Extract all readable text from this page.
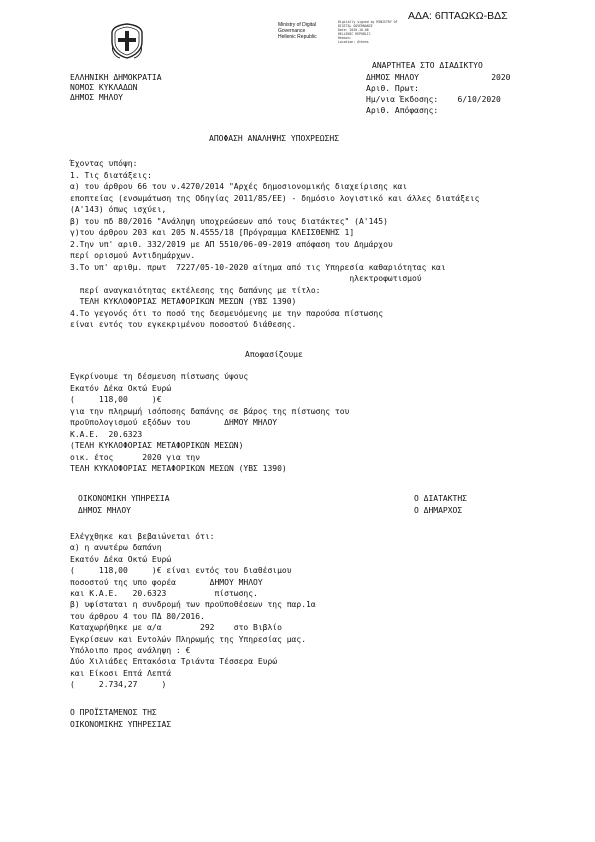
ΑΔΑ: 6ΠΤΑΩΚΩ-ΒΔΣ
Ministry of Digital
Governance
Hellenic Republic
Digitally signed by MINISTRY OF
DIGITAL GOVERNANCE
Date: 2020.10.06
HELLENIC REPUBLIC
Reason:
Location: Athens
ΑΝΑΡΤΗΤΕΑ ΣΤΟ ΔΙΑΔΙΚΤΥΟ
ΕΛΛΗΝΙΚΗ ΔΗΜΟΚΡΑΤΙΑ
ΝΟΜΟΣ ΚΥΚΛΑΔΩΝ
ΔΗΜΟΣ ΜΗΛΟΥ
ΔΗΜΟΣ ΜΗΛΟΥ               2020
Αριθ. Πρωτ:
Ημ/νια Έκδοσης:    6/10/2020
Αριθ. Απόφασης:
ΑΠΟΦΑΣΗ ΑΝΑΛΗΨΗΣ ΥΠΟΧΡΕΩΣΗΣ
Έχοντας υπόψη:
1. Τις διατάξεις:
α) του άρθρου 66 του ν.4270/2014 "Αρχές δημοσιονομικής διαχείρισης και
εποπτείας (ενσωμάτωση της Οδηγίας 2011/85/ΕΕ) - δημόσιο λογιστικό και άλλες διατάξεις
(Α'143) όπως ισχύει,
β) του πδ 80/2016 "Ανάληψη υποχρεώσεων από τους διατάκτες" (Α'145)
γ)του άρθρου 203 και 205 Ν.4555/18 [Πρόγραμμα ΚΛΕΙΣΘΕΝΗΣ 1]
2.Την υπ' αριθ. 332/2019 με ΑΠ 5510/06-09-2019 απόφαση του Δημάρχου
περί ορισμού Αντιδημάρχων.
3.Το υπ' αριθμ. πρωτ  7227/05-10-2020 αίτημα από τις Υπηρεσία καθαριότητας και
ηλεκτροφωτισμού
περί αναγκαιότητας εκτέλεσης της δαπάνης με τίτλο:
ΤΕΛΗ ΚΥΚΛΟΦΟΡΙΑΣ ΜΕΤΑΦΟΡΙΚΩΝ ΜΕΣΩΝ (ΥΒΣ 1390)
4.Το γεγονός ότι το ποσό της δεσμευόμενης με την παρούσα πίστωσης
είναι εντός του εγκεκριμένου ποσοστού διάθεσης.
Αποφασίζουμε
Εγκρίνουμε τη δέσμευση πίστωσης ύψους
Εκατόν Δέκα Οκτώ Ευρώ
(     118,00     )€
για την πληρωμή ισόποσης δαπάνης σε βάρος της πίστωσης του
προϋπολογισμού εξόδων του       ΔΗΜΟΥ ΜΗΛΟΥ
Κ.Α.Ε.  20.6323
(ΤΕΛΗ ΚΥΚΛΟΦΟΡΙΑΣ ΜΕΤΑΦΟΡΙΚΩΝ ΜΕΣΩΝ)
οικ. έτος      2020 για την
ΤΕΛΗ ΚΥΚΛΟΦΟΡΙΑΣ ΜΕΤΑΦΟΡΙΚΩΝ ΜΕΣΩΝ (ΥΒΣ 1390)
ΟΙΚΟΝΟΜΙΚΗ ΥΠΗΡΕΣΙΑ
ΔΗΜΟΣ ΜΗΛΟΥ
Ο ΔΙΑΤΑΚΤΗΣ
Ο ΔΗΜΑΡΧΟΣ
Ελέγχθηκε και βεβαιώνεται ότι:
α) η ανωτέρω δαπάνη
Εκατόν Δέκα Οκτώ Ευρώ
(     118,00     )€ είναι εντός του διαθέσιμου
ποσοστού της υπο φορέα       ΔΗΜΟΥ ΜΗΛΟΥ
και Κ.Α.Ε.   20.6323          πίστωσης.
β) υφίσταται η συνδρομή των προϋποθέσεων της παρ.1α
του άρθρου 4 του ΠΔ 80/2016.
Καταχωρήθηκε με α/α        292    στο Βιβλίο
Εγκρίσεων και Εντολών Πληρωμής της Υπηρεσίας μας.
Υπόλοιπο προς ανάληψη : €
Δύο Χιλιάδες Επτακόσια Τριάντα Τέσσερα Ευρώ
και Είκοσι Επτά Λεπτά
(     2.734,27     )
Ο ΠΡΟΪΣΤΑΜΕΝΟΣ ΤΗΣ
ΟΙΚΟΝΟΜΙΚΗΣ ΥΠΗΡΕΣΙΑΣ
